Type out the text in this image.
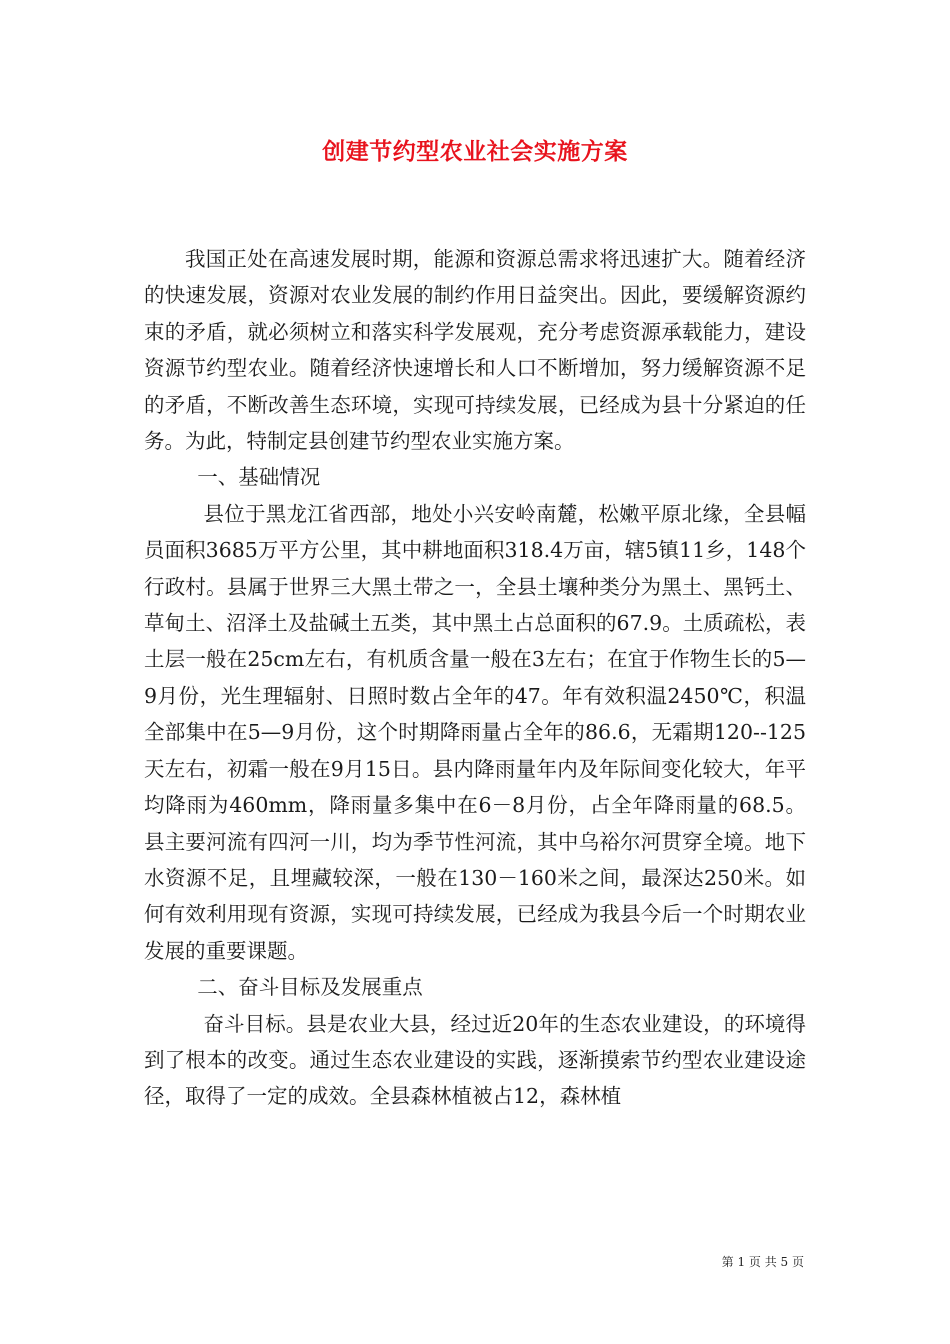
创建节约型农业社会实施方案

我国正处在高速发展时期，能源和资源总需求将迅速扩大。随着经济的快速发展，资源对农业发展的制约作用日益突出。因此，要缓解资源约束的矛盾，就必须树立和落实科学发展观，充分考虑资源承载能力，建设资源节约型农业。随着经济快速增长和人口不断增加，努力缓解资源不足的矛盾，不断改善生态环境，实现可持续发展，已经成为县十分紧迫的任务。为此，特制定县创建节约型农业实施方案。

一、基础情况

县位于黑龙江省西部，地处小兴安岭南麓，松嫩平原北缘，全县幅员面积3685万平方公里，其中耕地面积318.4万亩，辖5镇11乡，148个行政村。县属于世界三大黑土带之一，全县土壤种类分为黑土、黑钙土、草甸土、沼泽土及盐碱土五类，其中黑土占总面积的67.9。土质疏松，表土层一般在25cm左右，有机质含量一般在3左右；在宜于作物生长的5—9月份，光生理辐射、日照时数占全年的47。年有效积温2450℃，积温全部集中在5—9月份，这个时期降雨量占全年的86.6，无霜期120--125天左右，初霜一般在9月15日。县内降雨量年内及年际间变化较大，年平均降雨为460mm，降雨量多集中在6－8月份，占全年降雨量的68.5。县主要河流有四河一川，均为季节性河流，其中乌裕尔河贯穿全境。地下水资源不足，且埋藏较深，一般在130－160米之间，最深达250米。如何有效利用现有资源，实现可持续发展，已经成为我县今后一个时期农业发展的重要课题。

二、奋斗目标及发展重点

奋斗目标。县是农业大县，经过近20年的生态农业建设，的环境得到了根本的改变。通过生态农业建设的实践，逐渐摸索节约型农业建设途径，取得了一定的成效。全县森林植被占12，森林植

第 1 页 共 5 页
